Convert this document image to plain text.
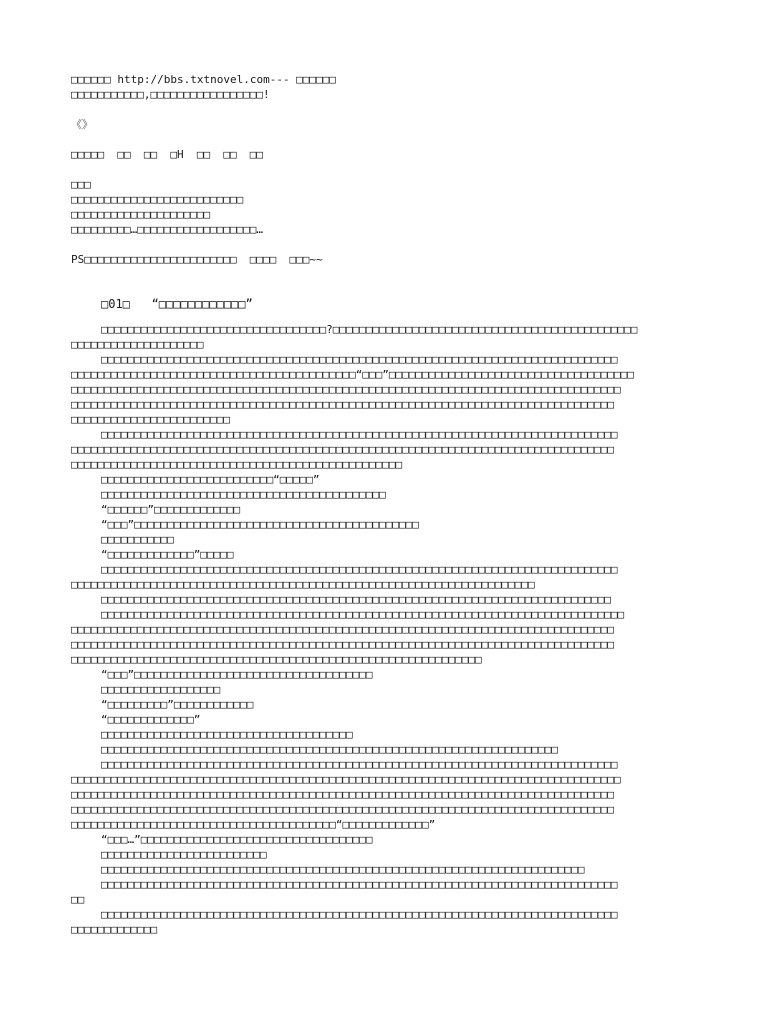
□□□□□□ http://bbs.txtnovel.com--- □□□□□□
□□□□□□□□□□□,□□□□□□□□□□□□□□□□□!
《》
□□□□□  □□  □□  □H  □□  □□  □□
□□□
□□□□□□□□□□□□□□□□□□□□□□□□□□
□□□□□□□□□□□□□□□□□□□□□
□□□□□□□□□…□□□□□□□□□□□□□□□□□□…
PS□□□□□□□□□□□□□□□□□□□□□□□  □□□□  □□□~~
□01□   “□□□□□□□□□□□□”
□□□□□□□□□□□□□□□□□□□□□□□□□□□□□□□□□□?□□□□□□□□□□□□□□□□□□□□□□□□□□□□□□□□□□□□□□□□□□□□□□
□□□□□□□□□□□□□□□□□□□□
□□□□□□□□□□□□□□□□□□□□□□□□□□□□□□□□□□□□□□□□□□□□□□□□□□□□□□□□□□□□□□□□□□□□□□□□□□□□□□
□□□□□□□□□□□□□□□□□□□□□□□□□□□□□□□□□□□□□□□□□□□“□□□”□□□□□□□□□□□□□□□□□□□□□□□□□□□□□□□□□□□□□
□□□□□□□□□□□□□□□□□□□□□□□□□□□□□□□□□□□□□□□□□□□□□□□□□□□□□□□□□□□□□□□□□□□□□□□□□□□□□□□□□□□
□□□□□□□□□□□□□□□□□□□□□□□□□□□□□□□□□□□□□□□□□□□□□□□□□□□□□□□□□□□□□□□□□□□□□□□□□□□□□□□□□□
□□□□□□□□□□□□□□□□□□□□□□□□
□□□□□□□□□□□□□□□□□□□□□□□□□□□□□□□□□□□□□□□□□□□□□□□□□□□□□□□□□□□□□□□□□□□□□□□□□□□□□□
□□□□□□□□□□□□□□□□□□□□□□□□□□□□□□□□□□□□□□□□□□□□□□□□□□□□□□□□□□□□□□□□□□□□□□□□□□□□□□□□□□
□□□□□□□□□□□□□□□□□□□□□□□□□□□□□□□□□□□□□□□□□□□□□□□□□□
□□□□□□□□□□□□□□□□□□□□□□□□□□“□□□□□”
□□□□□□□□□□□□□□□□□□□□□□□□□□□□□□□□□□□□□□□□□□□
“□□□□□□”□□□□□□□□□□□□□
“□□□”□□□□□□□□□□□□□□□□□□□□□□□□□□□□□□□□□□□□□□□□□□□
□□□□□□□□□□□
“□□□□□□□□□□□□□”□□□□□
□□□□□□□□□□□□□□□□□□□□□□□□□□□□□□□□□□□□□□□□□□□□□□□□□□□□□□□□□□□□□□□□□□□□□□□□□□□□□□
□□□□□□□□□□□□□□□□□□□□□□□□□□□□□□□□□□□□□□□□□□□□□□□□□□□□□□□□□□□□□□□□□□□□□□
□□□□□□□□□□□□□□□□□□□□□□□□□□□□□□□□□□□□□□□□□□□□□□□□□□□□□□□□□□□□□□□□□□□□□□□□□□□□□
□□□□□□□□□□□□□□□□□□□□□□□□□□□□□□□□□□□□□□□□□□□□□□□□□□□□□□□□□□□□□□□□□□□□□□□□□□□□□□□
□□□□□□□□□□□□□□□□□□□□□□□□□□□□□□□□□□□□□□□□□□□□□□□□□□□□□□□□□□□□□□□□□□□□□□□□□□□□□□□□□□
□□□□□□□□□□□□□□□□□□□□□□□□□□□□□□□□□□□□□□□□□□□□□□□□□□□□□□□□□□□□□□□□□□□□□□□□□□□□□□□□□□
□□□□□□□□□□□□□□□□□□□□□□□□□□□□□□□□□□□□□□□□□□□□□□□□□□□□□□□□□□□□□□
“□□□”□□□□□□□□□□□□□□□□□□□□□□□□□□□□□□□□□□□□
□□□□□□□□□□□□□□□□□□
“□□□□□□□□□”□□□□□□□□□□□□
“□□□□□□□□□□□□□”
□□□□□□□□□□□□□□□□□□□□□□□□□□□□□□□□□□□□□□
□□□□□□□□□□□□□□□□□□□□□□□□□□□□□□□□□□□□□□□□□□□□□□□□□□□□□□□□□□□□□□□□□□□□□
□□□□□□□□□□□□□□□□□□□□□□□□□□□□□□□□□□□□□□□□□□□□□□□□□□□□□□□□□□□□□□□□□□□□□□□□□□□□□□
□□□□□□□□□□□□□□□□□□□□□□□□□□□□□□□□□□□□□□□□□□□□□□□□□□□□□□□□□□□□□□□□□□□□□□□□□□□□□□□□□□□
□□□□□□□□□□□□□□□□□□□□□□□□□□□□□□□□□□□□□□□□□□□□□□□□□□□□□□□□□□□□□□□□□□□□□□□□□□□□□□□□□□
□□□□□□□□□□□□□□□□□□□□□□□□□□□□□□□□□□□□□□□□□□□□□□□□□□□□□□□□□□□□□□□□□□□□□□□□□□□□□□□□□□
□□□□□□□□□□□□□□□□□□□□□□□□□□□□□□□□□□□□□□□□“□□□□□□□□□□□□□”
“□□□…”□□□□□□□□□□□□□□□□□□□□□□□□□□□□□□□□□□□
□□□□□□□□□□□□□□□□□□□□□□□□□
□□□□□□□□□□□□□□□□□□□□□□□□□□□□□□□□□□□□□□□□□□□□□□□□□□□□□□□□□□□□□□□□□□□□□□□□□
□□□□□□□□□□□□□□□□□□□□□□□□□□□□□□□□□□□□□□□□□□□□□□□□□□□□□□□□□□□□□□□□□□□□□□□□□□□□□□
□□
□□□□□□□□□□□□□□□□□□□□□□□□□□□□□□□□□□□□□□□□□□□□□□□□□□□□□□□□□□□□□□□□□□□□□□□□□□□□□□
□□□□□□□□□□□□□
